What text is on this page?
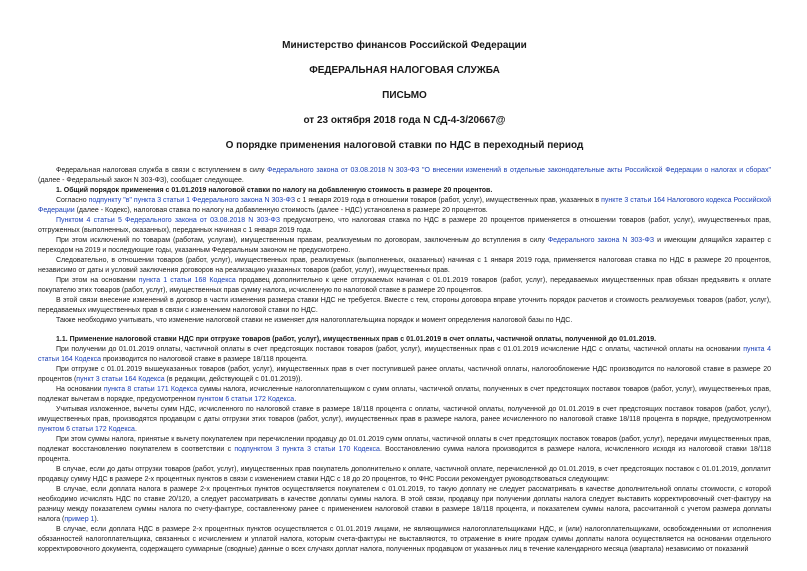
Министерство финансов Российской Федерации
ФЕДЕРАЛЬНАЯ НАЛОГОВАЯ СЛУЖБА
ПИСЬМО
от 23 октября 2018 года N СД-4-3/20667@
О порядке применения налоговой ставки по НДС в переходный период

Федеральная налоговая служба в связи с вступлением в силу Федерального закона от 03.08.2018 N 303-ФЗ "О внесении изменений в отдельные законодательные акты Российской Федерации о налогах и сборах" (далее - Федеральный закон N 303-ФЗ), сообщает следующее.

1. Общий порядок применения с 01.01.2019 налоговой ставки по налогу на добавленную стоимость в размере 20 процентов.

Согласно подпункту "в" пункта 3 статьи 1 Федерального закона N 303-ФЗ с 1 января 2019 года в отношении товаров (работ, услуг), имущественных прав, указанных в пункте 3 статьи 164 Налогового кодекса Российской Федерации (далее - Кодекс), налоговая ставка по налогу на добавленную стоимость (далее - НДС) установлена в размере 20 процентов.

Пунктом 4 статьи 5 Федерального закона от 03.08.2018 N 303-ФЗ предусмотрено, что налоговая ставка по НДС в размере 20 процентов применяется в отношении товаров (работ, услуг), имущественных прав, отгруженных (выполненных, оказанных), переданных начиная с 1 января 2019 года.

При этом исключений по товарам (работам, услугам), имущественным правам, реализуемым по договорам, заключенным до вступления в силу Федерального закона N 303-ФЗ и имеющим длящийся характер с переходом на 2019 и последующие годы, указанным Федеральным законом не предусмотрено.

Следовательно, в отношении товаров (работ, услуг), имущественных прав, реализуемых (выполненных, оказанных) начиная с 1 января 2019 года, применяется налоговая ставка по НДС в размере 20 процентов, независимо от даты и условий заключения договоров на реализацию указанных товаров (работ, услуг), имущественных прав.

При этом на основании пункта 1 статьи 168 Кодекса продавец дополнительно к цене отгружаемых начиная с 01.01.2019 товаров (работ, услуг), передаваемых имущественных прав обязан предъявить к оплате покупателю этих товаров (работ, услуг), имущественных прав сумму налога, исчисленную по налоговой ставке в размере 20 процентов.

В этой связи внесение изменений в договор в части изменения размера ставки НДС не требуется. Вместе с тем, стороны договора вправе уточнить порядок расчетов и стоимость реализуемых товаров (работ, услуг), передаваемых имущественных прав в связи с изменением налоговой ставки по НДС.

Также необходимо учитывать, что изменение налоговой ставки не изменяет для налогоплательщика порядок и момент определения налоговой базы по НДС.

1.1. Применение налоговой ставки НДС при отгрузке товаров (работ, услуг), имущественных прав с 01.01.2019 в счет оплаты, частичной оплаты, полученной до 01.01.2019.

При получении до 01.01.2019 оплаты, частичной оплаты в счет предстоящих поставок товаров (работ, услуг), имущественных прав с 01.01.2019 исчисление НДС с оплаты, частичной оплаты на основании пункта 4 статьи 164 Кодекса производится по налоговой ставке в размере 18/118 процента.

При отгрузке с 01.01.2019 вышеуказанных товаров (работ, услуг), имущественных прав в счет поступившей ранее оплаты, частичной оплаты, налогообложение НДС производится по налоговой ставке в размере 20 процентов (пункт 3 статьи 164 Кодекса (в редакции, действующей с 01.01.2019)).

На основании пункта 8 статьи 171 Кодекса суммы налога, исчисленные налогоплательщиком с сумм оплаты, частичной оплаты, полученных в счет предстоящих поставок товаров (работ, услуг), имущественных прав, подлежат вычетам в порядке, предусмотренном пунктом 6 статьи 172 Кодекса.

Учитывая изложенное, вычеты сумм НДС, исчисленного по налоговой ставке в размере 18/118 процента с оплаты, частичной оплаты, полученной до 01.01.2019 в счет предстоящих поставок товаров (работ, услуг), имущественных прав, производятся продавцом с даты отгрузки этих товаров (работ, услуг), имущественных прав в размере налога, ранее исчисленного по налоговой ставке 18/118 процента в порядке, предусмотренном пунктом 6 статьи 172 Кодекса.

При этом суммы налога, принятые к вычету покупателем при перечислении продавцу до 01.01.2019 сумм оплаты, частичной оплаты в счет предстоящих поставок товаров (работ, услуг), передачи имущественных прав, подлежат восстановлению покупателем в соответствии с подпунктом 3 пункта 3 статьи 170 Кодекса. Восстановлению сумма налога производится в размере налога, исчисленного исходя из налоговой ставки 18/118 процента.

В случае, если до даты отгрузки товаров (работ, услуг), имущественных прав покупатель дополнительно к оплате, частичной оплате, перечисленной до 01.01.2019, в счет предстоящих поставок с 01.01.2019, доплатит продавцу сумму НДС в размере 2-х процентных пунктов в связи с изменением ставки НДС с 18 до 20 процентов, то ФНС России рекомендует руководствоваться следующим:

В случае, если доплата налога в размере 2-х процентных пунктов осуществляется покупателем с 01.01.2019, то такую доплату не следует рассматривать в качестве дополнительной оплаты стоимости, с которой необходимо исчислять НДС по ставке 20/120, а следует рассматривать в качестве доплаты суммы налога. В этой связи, продавцу при получении доплаты налога следует выставить корректировочный счет-фактуру на разницу между показателем суммы налога по счету-фактуре, составленному ранее с применением налоговой ставки в размере 18/118 процента, и показателем суммы налога, рассчитанной с учетом размера доплаты налога (пример 1).

В случае, если доплата НДС в размере 2-х процентных пунктов осуществляется с 01.01.2019 лицами, не являющимися налогоплательщиками НДС, и (или) налогоплательщиками, освобожденными от исполнения обязанностей налогоплательщика, связанных с исчислением и уплатой налога, которым счета-фактуры не выставляются, то отражение в книге продаж суммы доплаты налога осуществляется на основании отдельного корректировочного документа, содержащего суммарные (сводные) данные о всех случаях доплат налога, полученных продавцом от указанных лиц в течение календарного месяца (квартала) независимо от показаний
